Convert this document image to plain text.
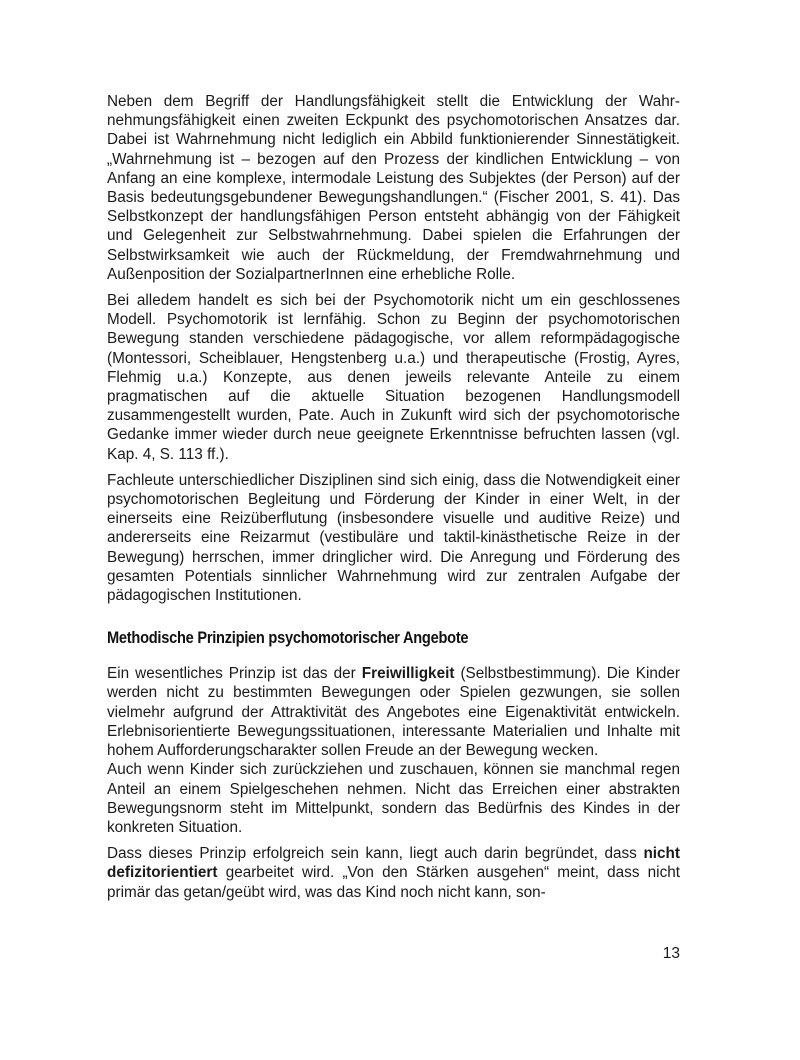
Neben dem Begriff der Handlungsfähigkeit stellt die Entwicklung der Wahrnehmungsfähigkeit einen zweiten Eckpunkt des psychomotorischen Ansatzes dar. Dabei ist Wahrnehmung nicht lediglich ein Abbild funktionierender Sinnestätigkeit. „Wahrnehmung ist – bezogen auf den Prozess der kindlichen Entwicklung – von Anfang an eine komplexe, intermodale Leistung des Subjektes (der Person) auf der Basis bedeutungsgebundener Bewegungshandlungen.“ (Fischer 2001, S. 41). Das Selbstkonzept der handlungsfähigen Person entsteht abhängig von der Fähigkeit und Gelegenheit zur Selbstwahrnehmung. Dabei spielen die Erfahrungen der Selbstwirksamkeit wie auch der Rückmeldung, der Fremdwahrnehmung und Außenposition der SozialpartnerInnen eine erhebliche Rolle.

Bei alledem handelt es sich bei der Psychomotorik nicht um ein geschlossenes Modell. Psychomotorik ist lernfähig. Schon zu Beginn der psychomotorischen Bewegung standen verschiedene pädagogische, vor allem reformpädagogische (Montessori, Scheiblauer, Hengstenberg u.a.) und therapeutische (Frostig, Ayres, Flehmig u.a.) Konzepte, aus denen jeweils relevante Anteile zu einem pragmatischen auf die aktuelle Situation bezogenen Handlungsmodell zusammengestellt wurden, Pate. Auch in Zukunft wird sich der psychomotorische Gedanke immer wieder durch neue geeignete Erkenntnisse befruchten lassen (vgl. Kap. 4, S. 113 ff.).

Fachleute unterschiedlicher Disziplinen sind sich einig, dass die Notwendigkeit einer psychomotorischen Begleitung und Förderung der Kinder in einer Welt, in der einerseits eine Reizüberflutung (insbesondere visuelle und auditive Reize) und andererseits eine Reizarmut (vestibuläre und taktil-kinästhetische Reize in der Bewegung) herrschen, immer dringlicher wird. Die Anregung und Förderung des gesamten Potentials sinnlicher Wahrnehmung wird zur zentralen Aufgabe der pädagogischen Institutionen.

Methodische Prinzipien psychomotorischer Angebote

Ein wesentliches Prinzip ist das der Freiwilligkeit (Selbstbestimmung). Die Kinder werden nicht zu bestimmten Bewegungen oder Spielen gezwungen, sie sollen vielmehr aufgrund der Attraktivität des Angebotes eine Eigenaktivität entwickeln. Erlebnisorientierte Bewegungssituationen, interessante Materialien und Inhalte mit hohem Aufforderungscharakter sollen Freude an der Bewegung wecken.

Auch wenn Kinder sich zurückziehen und zuschauen, können sie manchmal regen Anteil an einem Spielgeschehen nehmen. Nicht das Erreichen einer abstrakten Bewegungsnorm steht im Mittelpunkt, sondern das Bedürfnis des Kindes in der konkreten Situation.

Dass dieses Prinzip erfolgreich sein kann, liegt auch darin begründet, dass nicht defizitorientiert gearbeitet wird. „Von den Stärken ausgehen“ meint, dass nicht primär das getan/geübt wird, was das Kind noch nicht kann, son-

13
